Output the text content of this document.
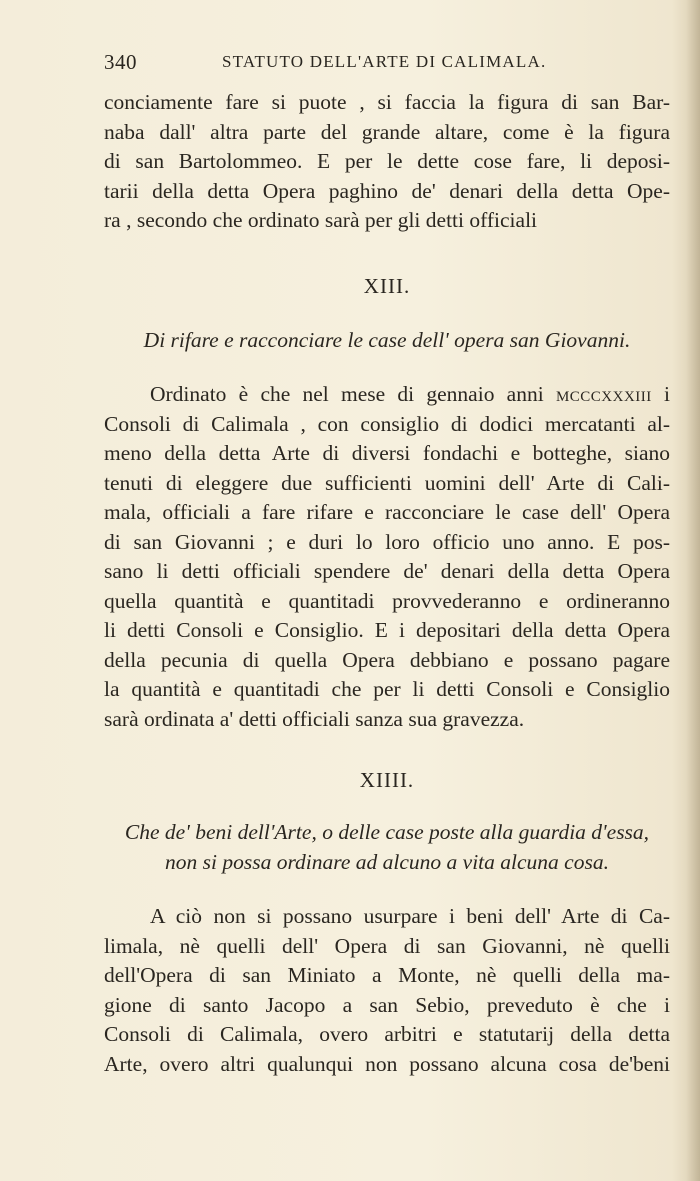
340	STATUTO DELL'ARTE DI CALIMALA.
conciamente fare si puote , si faccia la figura di san Bar-
naba dall' altra parte del grande altare, come è la figura
di san Bartolommeo. E per le dette cose fare, li deposi-
tarii della detta Opera paghino de' denari della detta Ope-
ra , secondo che ordinato sarà per gli detti officiali
XIII.
Di rifare e racconciare le case dell' opera san Giovanni.
Ordinato è che nel mese di gennaio anni mcccxxxiii i
Consoli di Calimala , con consiglio di dodici mercatanti al-
meno della detta Arte di diversi fondachi e botteghe, siano
tenuti di eleggere due sufficienti uomini dell' Arte di Cali-
mala, officiali a fare rifare e racconciare le case dell' Opera
di san Giovanni ; e duri lo loro officio uno anno. E pos-
sano li detti officiali spendere de' denari della detta Opera
quella quantità e quantitadi provvederanno e ordineranno
li detti Consoli e Consiglio. E i depositari della detta Opera
della pecunia di quella Opera debbiano e possano pagare
la quantità e quantitadi che per li detti Consoli e Consiglio
sarà ordinata a' detti officiali sanza sua gravezza.
XIIII.
Che de' beni dell'Arte, o delle case poste alla guardia d'essa,
non si possa ordinare ad alcuno a vita alcuna cosa.
A ciò non si possano usurpare i beni dell' Arte di Ca-
limala, nè quelli dell' Opera di san Giovanni, nè quelli
dell'Opera di san Miniato a Monte, nè quelli della ma-
gione di santo Jacopo a san Sebio, preveduto è che i
Consoli di Calimala, overo arbitri e statutarij della detta
Arte, overo altri qualunqui non possano alcuna cosa de'beni
